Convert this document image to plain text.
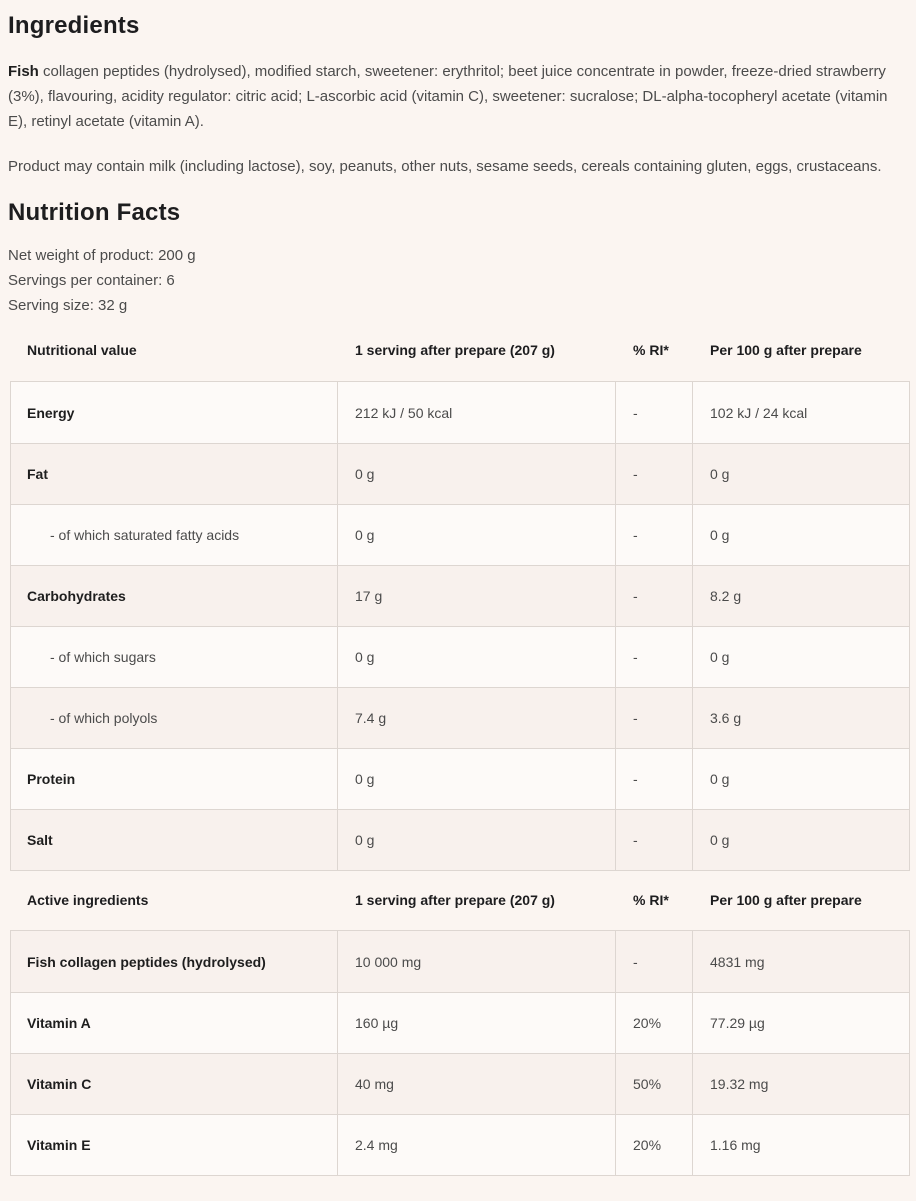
Ingredients

Fish collagen peptides (hydrolysed), modified starch, sweetener: erythritol; beet juice concentrate in powder, freeze-dried strawberry (3%), flavouring, acidity regulator: citric acid; L-ascorbic acid (vitamin C), sweetener: sucralose; DL-alpha-tocopheryl acetate (vitamin E), retinyl acetate (vitamin A).

Product may contain milk (including lactose), soy, peanuts, other nuts, sesame seeds, cereals containing gluten, eggs, crustaceans.

Nutrition Facts
Net weight of product: 200 g
Servings per container: 6
Serving size: 32 g
Nutritional value	1 serving after prepare (207 g)	% RI*	Per 100 g after prepare
Energy	212 kJ / 50 kcal	-	102 kJ / 24 kcal
Fat	0 g	-	0 g
- of which saturated fatty acids	0 g	-	0 g
Carbohydrates	17 g	-	8.2 g
- of which sugars	0 g	-	0 g
- of which polyols	7.4 g	-	3.6 g
Protein	0 g	-	0 g
Salt	0 g	-	0 g
Active ingredients	1 serving after prepare (207 g)	% RI*	Per 100 g after prepare
Fish collagen peptides (hydrolysed)	10 000 mg	-	4831 mg
Vitamin A	160 µg	20%	77.29 µg
Vitamin C	40 mg	50%	19.32 mg
Vitamin E	2.4 mg	20%	1.16 mg
